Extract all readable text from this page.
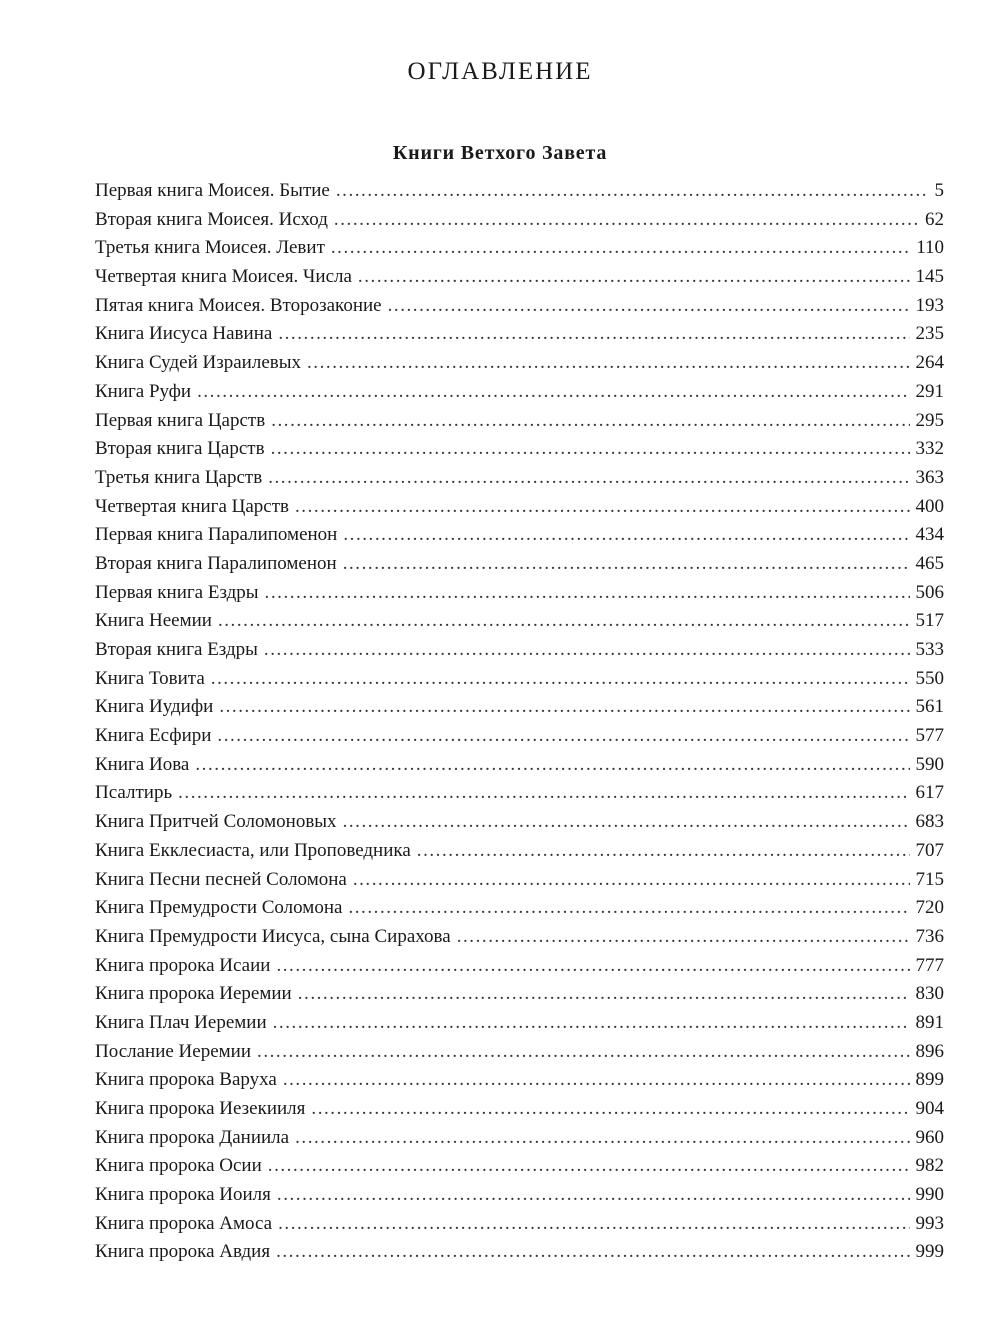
ОГЛАВЛЕНИЕ
Книги Ветхого Завета
Первая книга Моисея. Бытие . . .	5
Вторая книга Моисея. Исход . . .	62
Третья книга Моисея. Левит . . .	110
Четвертая книга Моисея. Числа . . .	145
Пятая книга Моисея. Второзаконие . . .	193
Книга Иисуса Навина . . .	235
Книга Судей Израилевых . . .	264
Книга Руфи . . .	291
Первая книга Царств . . .	295
Вторая книга Царств . . .	332
Третья книга Царств . . .	363
Четвертая книга Царств . . .	400
Первая книга Паралипоменон . . .	434
Вторая книга Паралипоменон . . .	465
Первая книга Ездры . . .	506
Книга Неемии . . .	517
Вторая книга Ездры . . .	533
Книга Товита . . .	550
Книга Иудифи . . .	561
Книга Есфири . . .	577
Книга Иова . . .	590
Псалтирь . . .	617
Книга Притчей Соломоновых . . .	683
Книга Екклесиаста, или Проповедника . . .	707
Книга Песни песней Соломона . . .	715
Книга Премудрости Соломона . . .	720
Книга Премудрости Иисуса, сына Сирахова . . .	736
Книга пророка Исаии . . .	777
Книга пророка Иеремии . . .	830
Книга Плач Иеремии . . .	891
Послание Иеремии . . .	896
Книга пророка Варуха . . .	899
Книга пророка Иезекииля . . .	904
Книга пророка Даниила . . .	960
Книга пророка Осии . . .	982
Книга пророка Иоиля . . .	990
Книга пророка Амоса . . .	993
Книга пророка Авдия . . .	999
